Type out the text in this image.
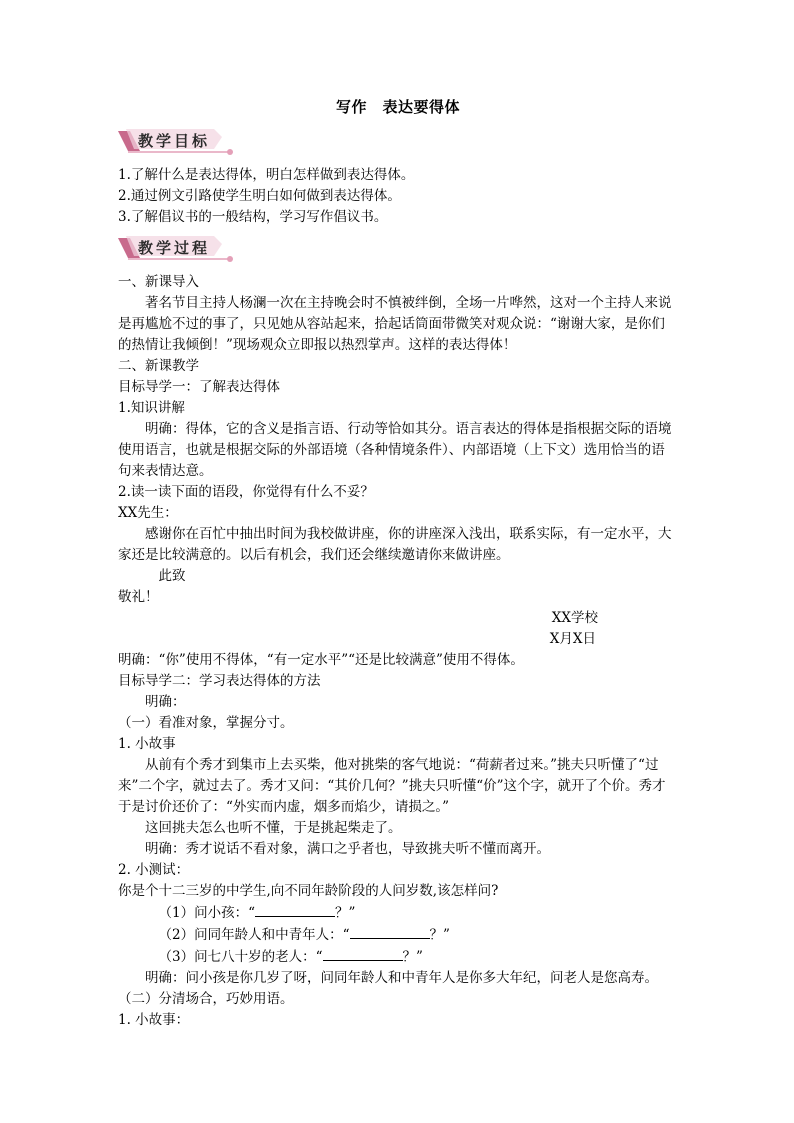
写作　表达要得体
教学目标

1.了解什么是表达得体，明白怎样做到表达得体。

2.通过例文引路使学生明白如何做到表达得体。

3.了解倡议书的一般结构，学习写作倡议书。

教学过程

一、新课导入

著名节目主持人杨澜一次在主持晚会时不慎被绊倒，全场一片哗然，这对一个主持人来说是再尴尬不过的事了，只见她从容站起来，拾起话筒面带微笑对观众说：“谢谢大家，是你们的热情让我倾倒！”现场观众立即报以热烈掌声。这样的表达得体！

二、新课教学

目标导学一：了解表达得体

1.知识讲解

明确：得体，它的含义是指言语、行动等恰如其分。语言表达的得体是指根据交际的语境使用语言，也就是根据交际的外部语境（各种情境条件）、内部语境（上下文）选用恰当的语句来表情达意。

2.读一读下面的语段，你觉得有什么不妥？

XX先生：

感谢你在百忙中抽出时间为我校做讲座，你的讲座深入浅出，联系实际，有一定水平，大家还是比较满意的。以后有机会，我们还会继续邀请你来做讲座。

此致

敬礼！

XX学校

X月X日

明确：“你”使用不得体，“有一定水平”“还是比较满意”使用不得体。

目标导学二：学习表达得体的方法

明确：

（一）看准对象，掌握分寸。

1. 小故事

从前有个秀才到集市上去买柴，他对挑柴的客气地说：“荷薪者过来。”挑夫只听懂了“过来”二个字，就过去了。秀才又问：“其价几何？”挑夫只听懂“价”这个字，就开了个价。秀才于是讨价还价了：“外实而内虚，烟多而焰少，请损之。”

这回挑夫怎么也听不懂，于是挑起柴走了。

明确：秀才说话不看对象，满口之乎者也，导致挑夫听不懂而离开。

2. 小测试：

你是个十二三岁的中学生,向不同年龄阶段的人问岁数,该怎样问?

（1）问小孩：“	？”

（2）问同年龄人和中青年人：“	？”

（3）问七八十岁的老人：“	？”

明确：问小孩是你几岁了呀，问同年龄人和中青年人是你多大年纪，问老人是您高寿。

（二）分清场合，巧妙用语。

1. 小故事：
